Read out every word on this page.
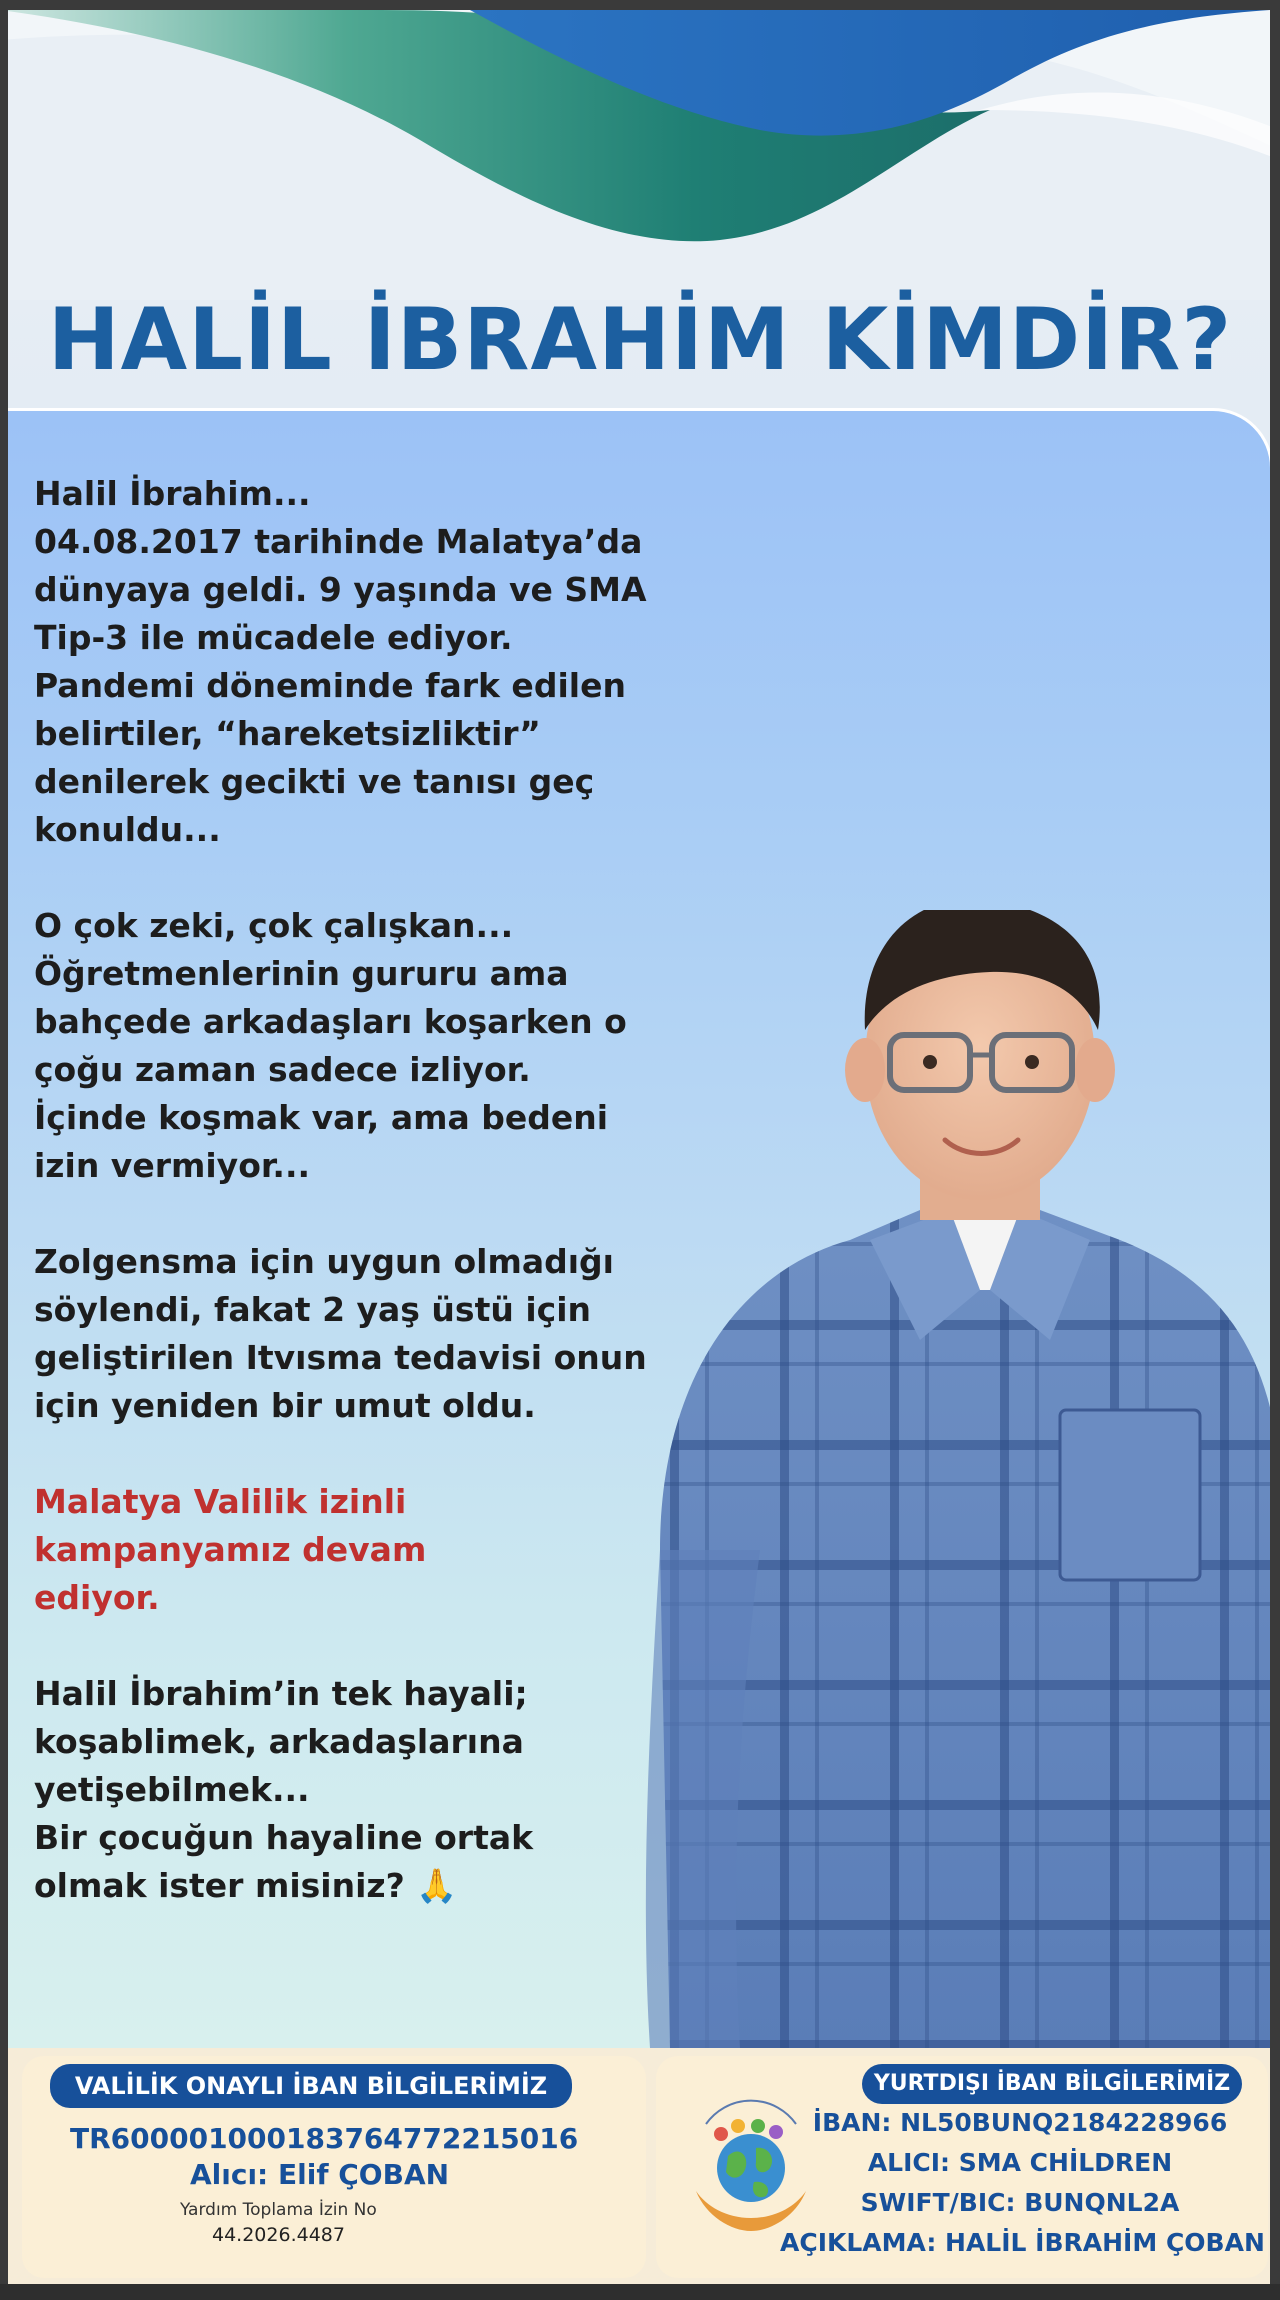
HALİL İBRAHİM KİMDİR?
Halil İbrahim...
04.08.2017 tarihinde Malatya’da
dünyaya geldi. 9 yaşında ve SMA
Tip-3 ile mücadele ediyor.
Pandemi döneminde fark edilen
belirtiler, “hareketsizliktir”
denilerek gecikti ve tanısı geç
konuldu...
O çok zeki, çok çalışkan...
Öğretmenlerinin gururu ama
bahçede arkadaşları koşarken o
çoğu zaman sadece izliyor.
İçinde koşmak var, ama bedeni
izin vermiyor...
Zolgensma için uygun olmadığı
söylendi, fakat 2 yaş üstü için
geliştirilen Itvısma tedavisi onun
için yeniden bir umut oldu.
Malatya Valilik izinli
kampanyamız devam
ediyor.
Halil İbrahim’in tek hayali;
koşablimek, arkadaşlarına
yetişebilmek...
Bir çocuğun hayaline ortak
olmak ister misiniz? 🙏
VALİLİK ONAYLI İBAN BİLGİLERİMİZ
TR600001000183764772215016
Alıcı: Elif ÇOBAN
Yardım Toplama İzin No
44.2026.4487
YURTDIŞI İBAN BİLGİLERİMİZ
İBAN: NL50BUNQ2184228966
ALICI: SMA CHİLDREN
SWIFT/BIC: BUNQNL2A
AÇIKLAMA: HALİL İBRAHİM ÇOBAN
